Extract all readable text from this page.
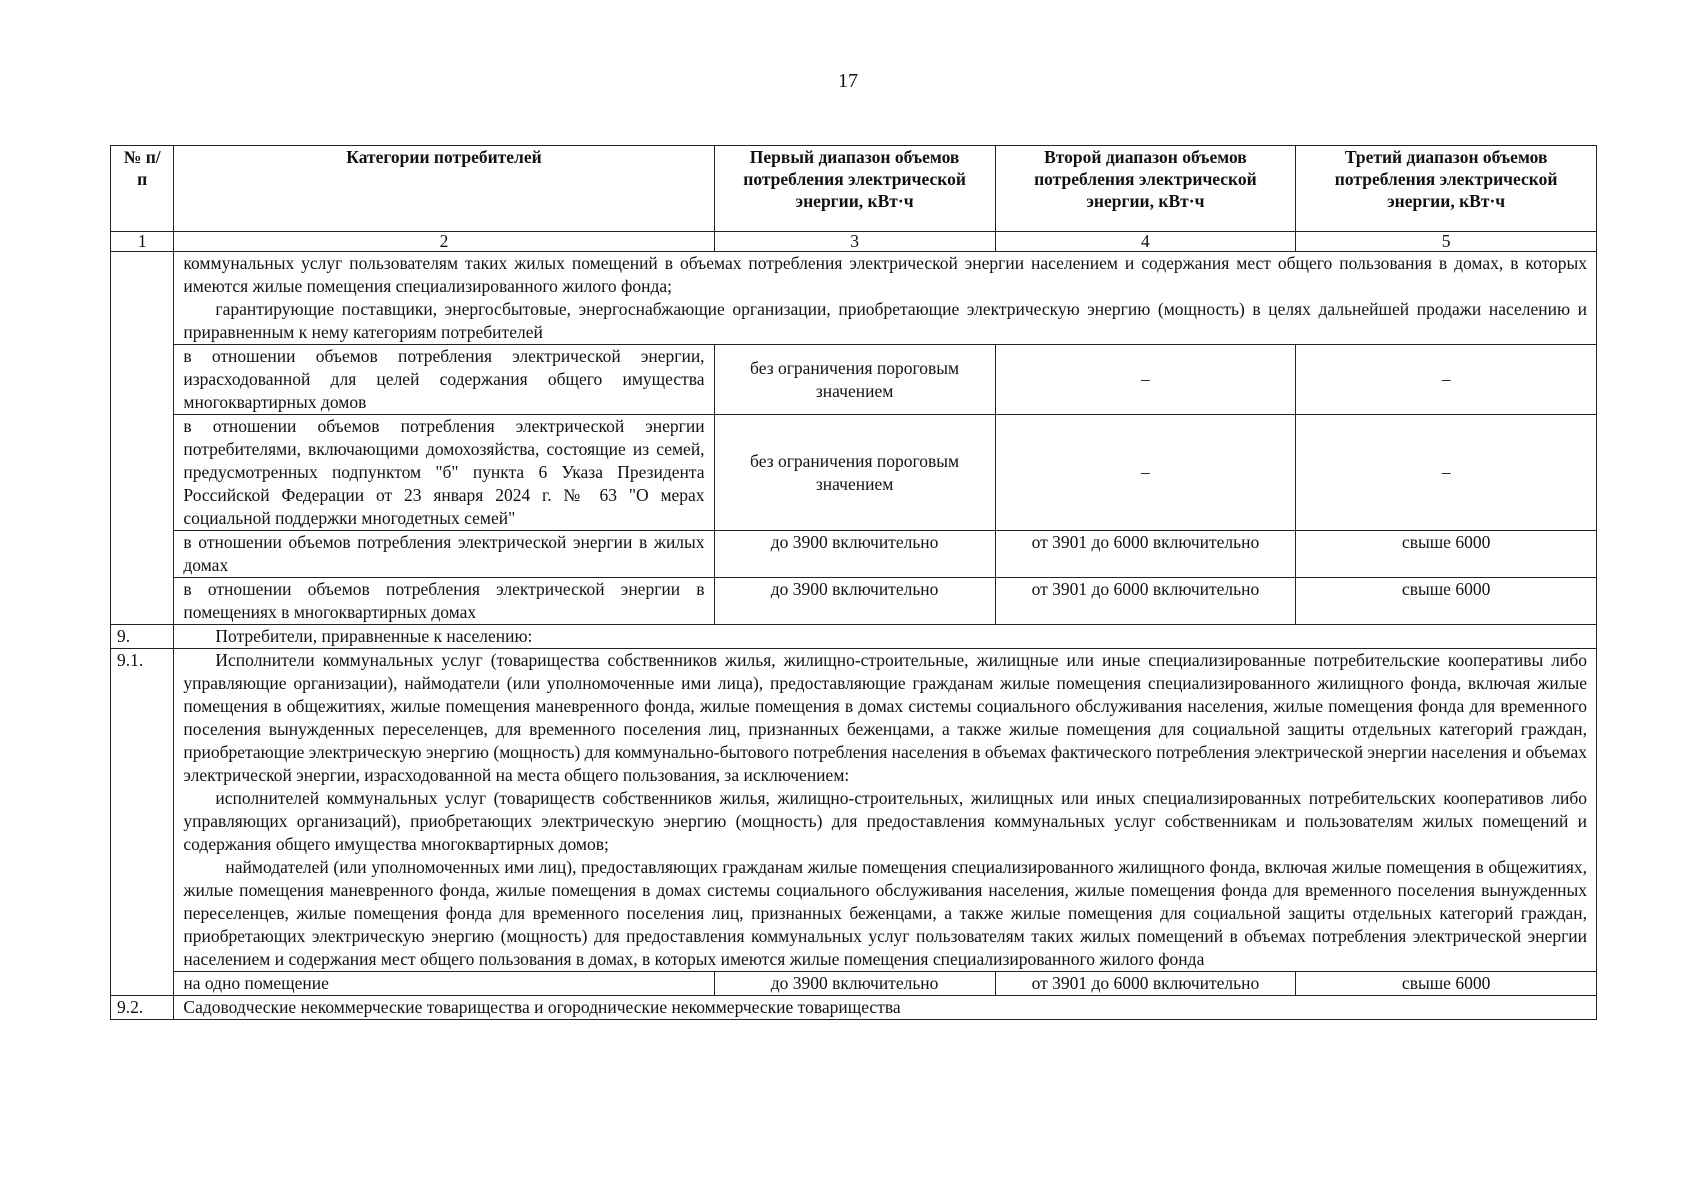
17
№ п/п	Категории потребителей	Первый диапазон объемов потребления электрической энергии, кВт·ч	Второй диапазон объемов потребления электрической энергии, кВт·ч	Третий диапазон объемов потребления электрической энергии, кВт·ч
1	2	3	4	5

	коммунальных услуг пользователям таких жилых помещений в объемах потребления электрической энергии населением и содержания мест общего пользования в домах, в которых имеются жилые помещения специализированного жилого фонда;

гарантирующие поставщики, энергосбытовые, энергоснабжающие организации, приобретающие электрическую энергию (мощность) в целях дальнейшей продажи населению и приравненным к нему категориям потребителей			

	в отношении объемов потребления электрической энергии, израсходованной для целей содержания общего имущества многоквартирных домов	без ограничения пороговым значением	–	–
	в отношении объемов потребления электрической энергии потребителями, включающими домохозяйства, состоящие из семей, предусмотренных подпунктом "б" пункта 6 Указа Президента Российской Федерации от 23 января 2024 г. № 63 "О мерах социальной поддержки многодетных семей"	без ограничения пороговым значением	–	–
	в отношении объемов потребления электрической энергии в жилых домах	до 3900 включительно	от 3901 до 6000 включительно	свыше 6000
	в отношении объемов потребления электрической энергии в помещениях в многоквартирных домах	до 3900 включительно	от 3901 до 6000 включительно	свыше 6000
9.	Потребители, приравненные к населению:			
9.1.	Исполнители коммунальных услуг (товарищества собственников жилья, жилищно-строительные, жилищные или иные специализированные потребительские кооперативы либо управляющие организации), наймодатели (или уполномоченные ими лица), предоставляющие гражданам жилые помещения специализированного жилищного фонда, включая жилые помещения в общежитиях, жилые помещения маневренного фонда, жилые помещения в домах системы социального обслуживания населения, жилые помещения фонда для временного поселения вынужденных переселенцев, для временного поселения лиц, признанных беженцами, а также жилые помещения для социальной защиты отдельных категорий граждан, приобретающие электрическую энергию (мощность) для коммунально-бытового потребления населения в объемах фактического потребления электрической энергии населения и объемах электрической энергии, израсходованной на места общего пользования, за исключением:

исполнителей коммунальных услуг (товариществ собственников жилья, жилищно-строительных, жилищных или иных специализированных потребительских кооперативов либо управляющих организаций), приобретающих электрическую энергию (мощность) для предоставления коммунальных услуг собственникам и пользователям жилых помещений и содержания общего имущества многоквартирных домов;

наймодателей (или уполномоченных ими лиц), предоставляющих гражданам жилые помещения специализированного жилищного фонда, включая жилые помещения в общежитиях, жилые помещения маневренного фонда, жилые помещения в домах системы социального обслуживания населения, жилые помещения фонда для временного поселения вынужденных переселенцев, жилые помещения фонда для временного поселения лиц, признанных беженцами, а также жилые помещения для социальной защиты отдельных категорий граждан, приобретающих электрическую энергию (мощность) для предоставления коммунальных услуг пользователям таких жилых помещений в объемах потребления электрической энергии населением и содержания мест общего пользования в домах, в которых имеются жилые помещения специализированного жилого фонда			

	на одно помещение	до 3900 включительно	от 3901 до 6000 включительно	свыше 6000
9.2.	Садоводческие некоммерческие товарищества и огороднические некоммерческие товарищества			
